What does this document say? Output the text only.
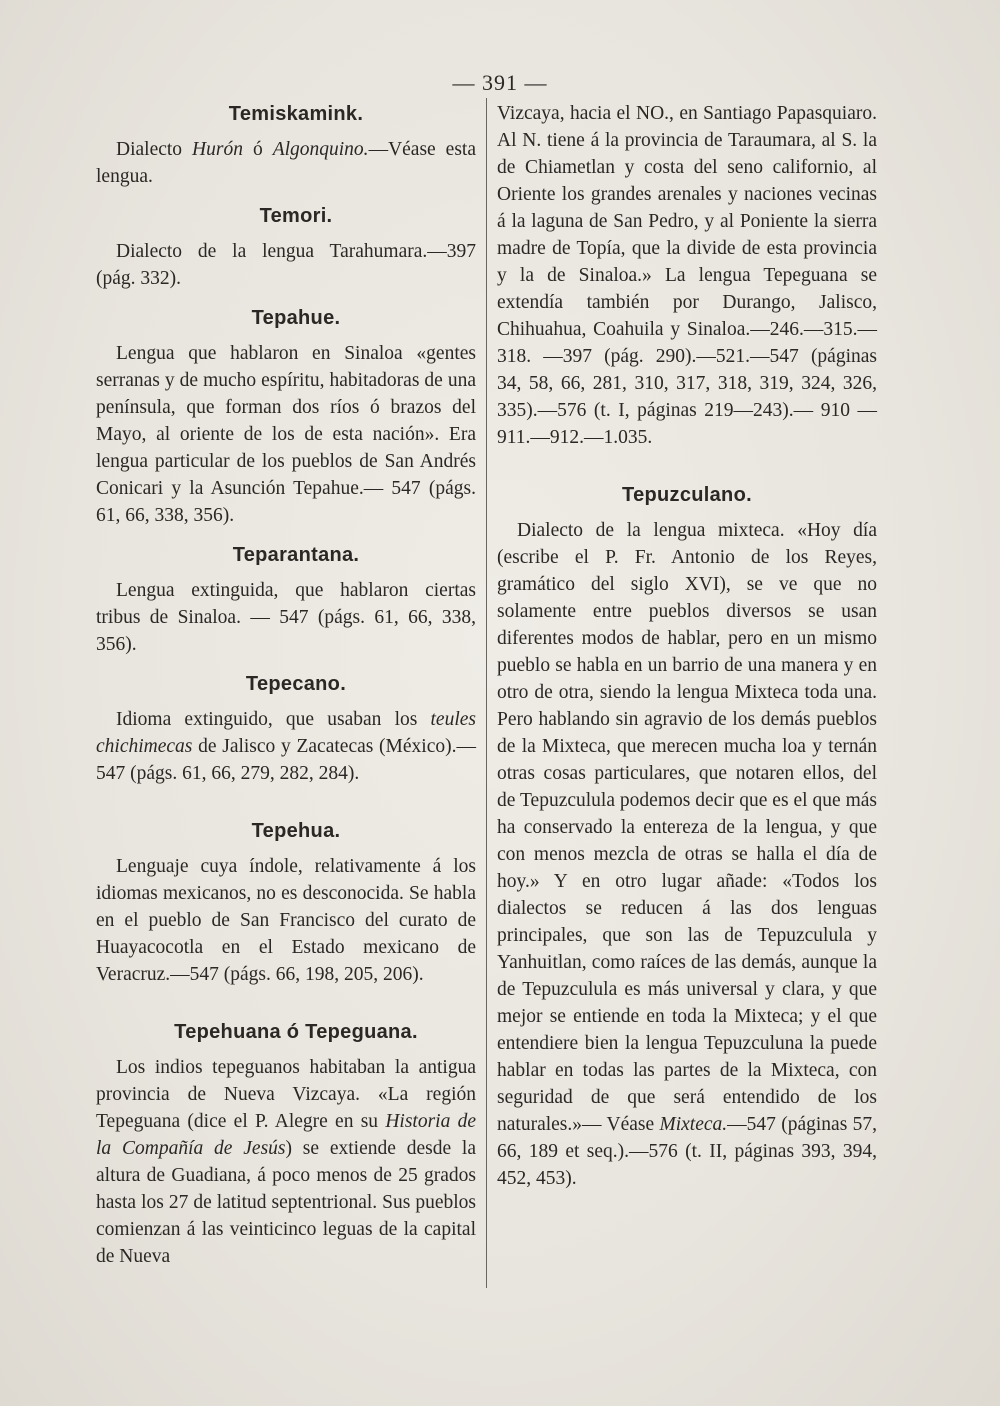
— 391 —
Temiskamink.

Dialecto Hurón ó Algonquino.—Véase esta lengua.

Temori.

Dialecto de la lengua Tarahumara.—397 (pág. 332).

Tepahue.

Lengua que hablaron en Sinaloa «gentes serranas y de mucho espíritu, habitadoras de una península, que forman dos ríos ó brazos del Mayo, al oriente de los de esta nación». Era lengua particular de los pueblos de San Andrés Conicari y la Asunción Tepahue.— 547 (págs. 61, 66, 338, 356).

Teparantana.

Lengua extinguida, que hablaron ciertas tribus de Sinaloa. — 547 (págs. 61, 66, 338, 356).

Tepecano.

Idioma extinguido, que usaban los teules chichimecas de Jalisco y Zacatecas (México).—547 (págs. 61, 66, 279, 282, 284).

Tepehua.

Lenguaje cuya índole, relativamente á los idiomas mexicanos, no es desconocida. Se habla en el pueblo de San Francisco del curato de Huayacocotla en el Estado mexicano de Veracruz.—547 (págs. 66, 198, 205, 206).

Tepehuana ó Tepeguana.

Los indios tepeguanos habitaban la antigua provincia de Nueva Vizcaya. «La región Tepeguana (dice el P. Alegre en su Historia de la Compañía de Jesús) se extiende desde la altura de Guadiana, á poco menos de 25 grados hasta los 27 de latitud septentrional. Sus pueblos comienzan á las veinticinco leguas de la capital de Nueva

Vizcaya, hacia el NO., en Santiago Papasquiaro. Al N. tiene á la provincia de Taraumara, al S. la de Chiametlan y costa del seno californio, al Oriente los grandes arenales y naciones vecinas á la laguna de San Pedro, y al Poniente la sierra madre de Topía, que la divide de esta provincia y la de Sinaloa.» La lengua Tepeguana se extendía también por Durango, Jalisco, Chihuahua, Coahuila y Sinaloa.—246.—315.—318. —397 (pág. 290).—521.—547 (páginas 34, 58, 66, 281, 310, 317, 318, 319, 324, 326, 335).—576 (t. I, páginas 219—243).— 910 —911.—912.—1.035.

Tepuzculano.

Dialecto de la lengua mixteca. «Hoy día (escribe el P. Fr. Antonio de los Reyes, gramático del siglo XVI), se ve que no solamente entre pueblos diversos se usan diferentes modos de hablar, pero en un mismo pueblo se habla en un barrio de una manera y en otro de otra, siendo la lengua Mixteca toda una. Pero hablando sin agravio de los demás pueblos de la Mixteca, que merecen mucha loa y ternán otras cosas particulares, que notaren ellos, del de Tepuzculula podemos decir que es el que más ha conservado la entereza de la lengua, y que con menos mezcla de otras se halla el día de hoy.» Y en otro lugar añade: «Todos los dialectos se reducen á las dos lenguas principales, que son las de Tepuzculula y Yanhuitlan, como raíces de las demás, aunque la de Tepuzculula es más universal y clara, y que mejor se entiende en toda la Mixteca; y el que entendiere bien la lengua Tepuzculuna la puede hablar en todas las partes de la Mixteca, con seguridad de que será entendido de los naturales.»— Véase Mixteca.—547 (páginas 57, 66, 189 et seq.).—576 (t. II, páginas 393, 394, 452, 453).
